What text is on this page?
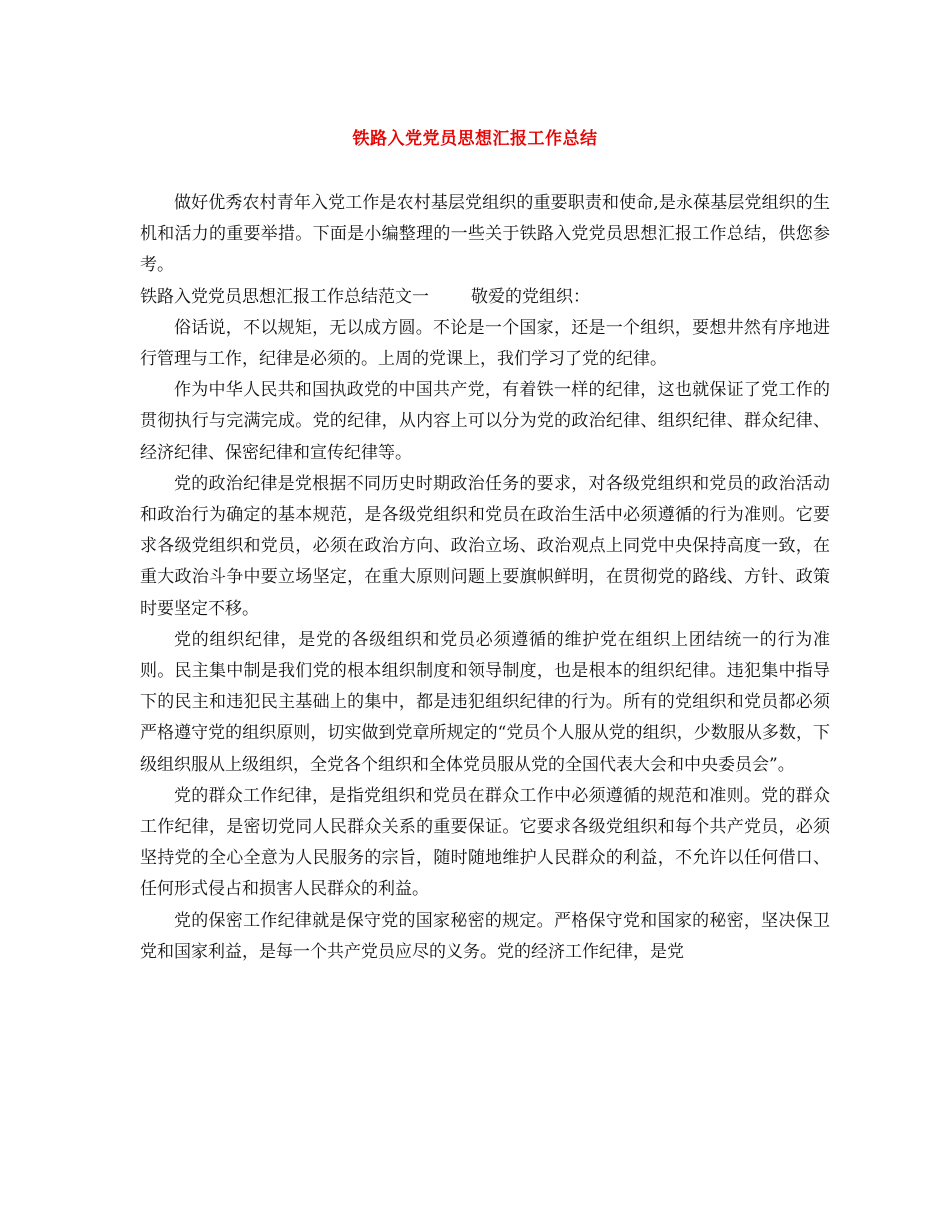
铁路入党党员思想汇报工作总结

做好优秀农村青年入党工作是农村基层党组织的重要职责和使命,是永葆基层党组织的生机和活力的重要举措。下面是小编整理的一些关于铁路入党党员思想汇报工作总结，供您参考。

铁路入党党员思想汇报工作总结范文一 敬爱的党组织：

俗话说，不以规矩，无以成方圆。不论是一个国家，还是一个组织，要想井然有序地进行管理与工作，纪律是必须的。上周的党课上，我们学习了党的纪律。

作为中华人民共和国执政党的中国共产党，有着铁一样的纪律，这也就保证了党工作的贯彻执行与完满完成。党的纪律，从内容上可以分为党的政治纪律、组织纪律、群众纪律、经济纪律、保密纪律和宣传纪律等。

党的政治纪律是党根据不同历史时期政治任务的要求，对各级党组织和党员的政治活动和政治行为确定的基本规范，是各级党组织和党员在政治生活中必须遵循的行为准则。它要求各级党组织和党员，必须在政治方向、政治立场、政治观点上同党中央保持高度一致，在重大政治斗争中要立场坚定，在重大原则问题上要旗帜鲜明，在贯彻党的路线、方针、政策时要坚定不移。

党的组织纪律，是党的各级组织和党员必须遵循的维护党在组织上团结统一的行为准则。民主集中制是我们党的根本组织制度和领导制度，也是根本的组织纪律。违犯集中指导下的民主和违犯民主基础上的集中，都是违犯组织纪律的行为。所有的党组织和党员都必须严格遵守党的组织原则，切实做到党章所规定的“党员个人服从党的组织，少数服从多数，下级组织服从上级组织，全党各个组织和全体党员服从党的全国代表大会和中央委员会”。

党的群众工作纪律，是指党组织和党员在群众工作中必须遵循的规范和准则。党的群众工作纪律，是密切党同人民群众关系的重要保证。它要求各级党组织和每个共产党员，必须坚持党的全心全意为人民服务的宗旨，随时随地维护人民群众的利益，不允许以任何借口、任何形式侵占和损害人民群众的利益。

党的保密工作纪律就是保守党的国家秘密的规定。严格保守党和国家的秘密，坚决保卫党和国家利益，是每一个共产党员应尽的义务。党的经济工作纪律，是党
